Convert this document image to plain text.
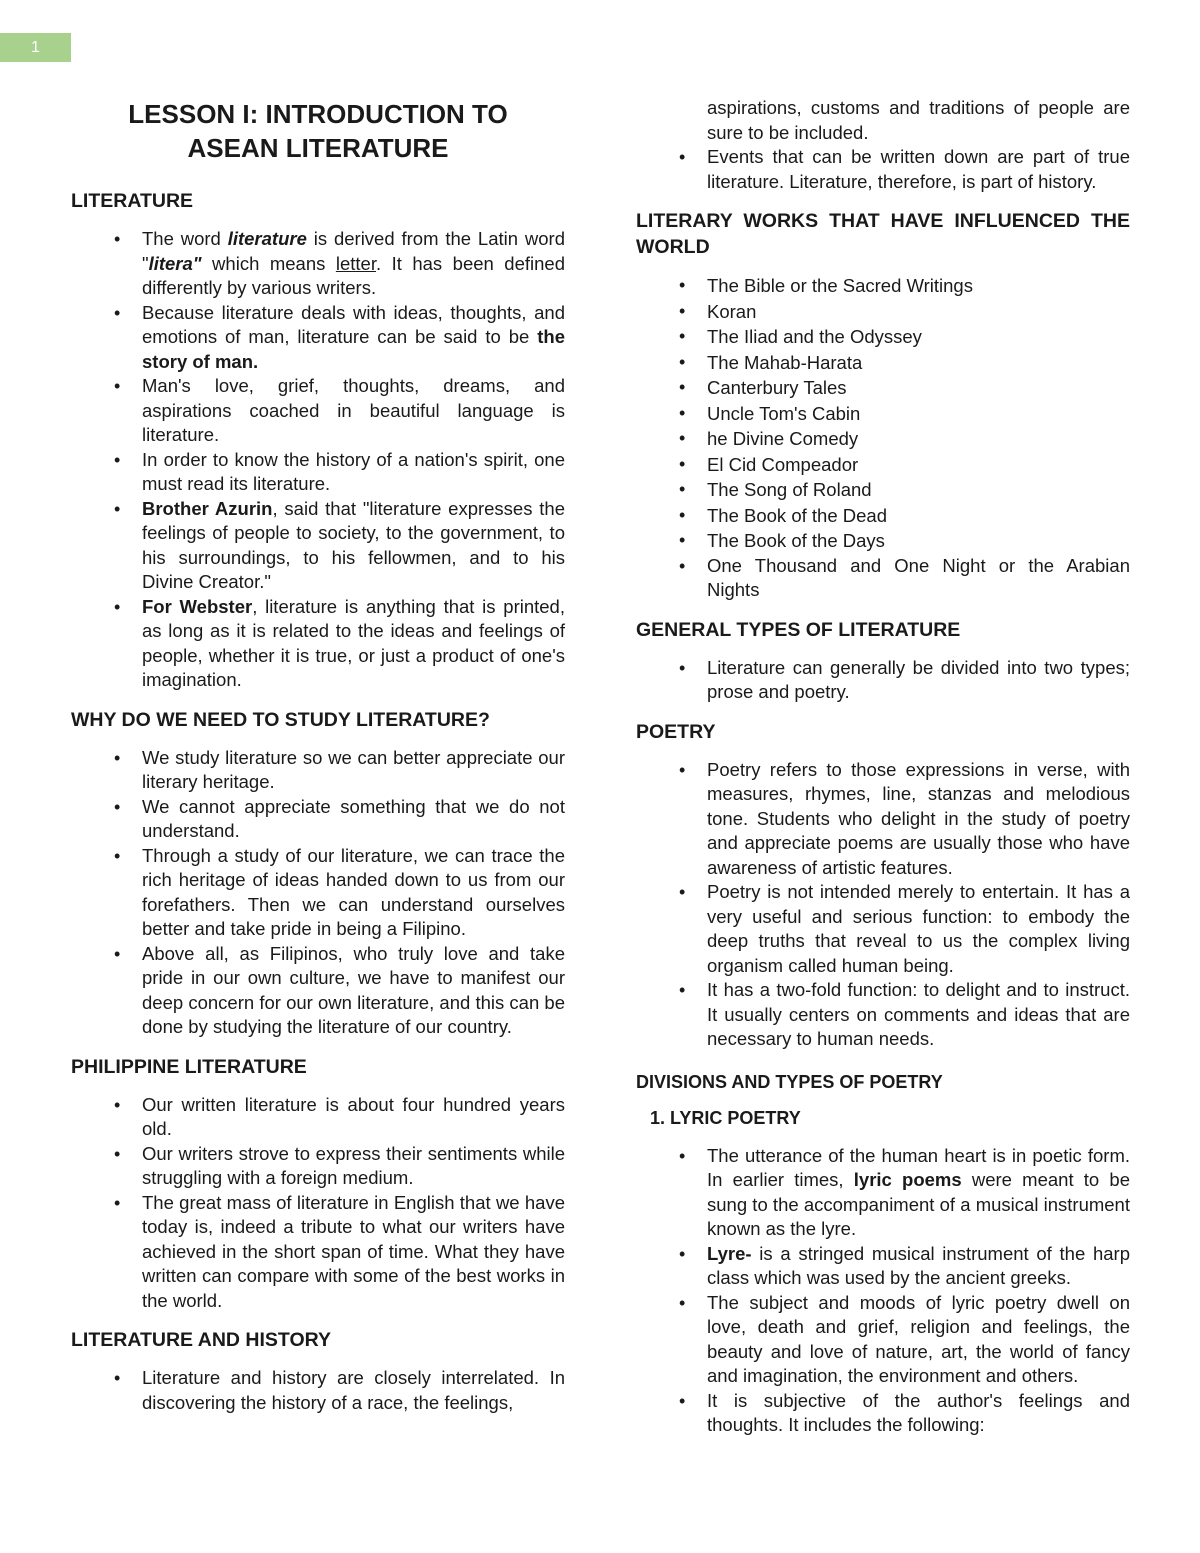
1
LESSON I: INTRODUCTION TO
ASEAN LITERATURE
LITERATURE
• The word literature is derived from the Latin word "litera" which means letter. It has been defined differently by various writers.
• Because literature deals with ideas, thoughts, and emotions of man, literature can be said to be the story of man.
• Man's love, grief, thoughts, dreams, and aspirations coached in beautiful language is literature.
• In order to know the history of a nation's spirit, one must read its literature.
• Brother Azurin, said that "literature expresses the feelings of people to society, to the government, to his surroundings, to his fellowmen, and to his Divine Creator."
• For Webster, literature is anything that is printed, as long as it is related to the ideas and feelings of people, whether it is true, or just a product of one's imagination.
WHY DO WE NEED TO STUDY LITERATURE?
• We study literature so we can better appreciate our literary heritage.
• We cannot appreciate something that we do not understand.
• Through a study of our literature, we can trace the rich heritage of ideas handed down to us from our forefathers. Then we can understand ourselves better and take pride in being a Filipino.
• Above all, as Filipinos, who truly love and take pride in our own culture, we have to manifest our deep concern for our own literature, and this can be done by studying the literature of our country.
PHILIPPINE LITERATURE
• Our written literature is about four hundred years old.
• Our writers strove to express their sentiments while struggling with a foreign medium.
• The great mass of literature in English that we have today is, indeed a tribute to what our writers have achieved in the short span of time. What they have written can compare with some of the best works in the world.
LITERATURE AND HISTORY
• Literature and history are closely interrelated. In discovering the history of a race, the feelings,
aspirations, customs and traditions of people are sure to be included.
• Events that can be written down are part of true literature. Literature, therefore, is part of history.
LITERARY WORKS THAT HAVE INFLUENCED THE WORLD
• The Bible or the Sacred Writings
• Koran
• The Iliad and the Odyssey
• The Mahab-Harata
• Canterbury Tales
• Uncle Tom's Cabin
• he Divine Comedy
• El Cid Compeador
• The Song of Roland
• The Book of the Dead
• The Book of the Days
• One Thousand and One Night or the Arabian Nights
GENERAL TYPES OF LITERATURE
• Literature can generally be divided into two types; prose and poetry.
POETRY
• Poetry refers to those expressions in verse, with measures, rhymes, line, stanzas and melodious tone. Students who delight in the study of poetry and appreciate poems are usually those who have awareness of artistic features.
• Poetry is not intended merely to entertain. It has a very useful and serious function: to embody the deep truths that reveal to us the complex living organism called human being.
• It has a two-fold function: to delight and to instruct. It usually centers on comments and ideas that are necessary to human needs.
DIVISIONS AND TYPES OF POETRY
1. LYRIC POETRY
• The utterance of the human heart is in poetic form. In earlier times, lyric poems were meant to be sung to the accompaniment of a musical instrument known as the lyre.
• Lyre- is a stringed musical instrument of the harp class which was used by the ancient greeks.
• The subject and moods of lyric poetry dwell on love, death and grief, religion and feelings, the beauty and love of nature, art, the world of fancy and imagination, the environment and others.
• It is subjective of the author's feelings and thoughts. It includes the following:
